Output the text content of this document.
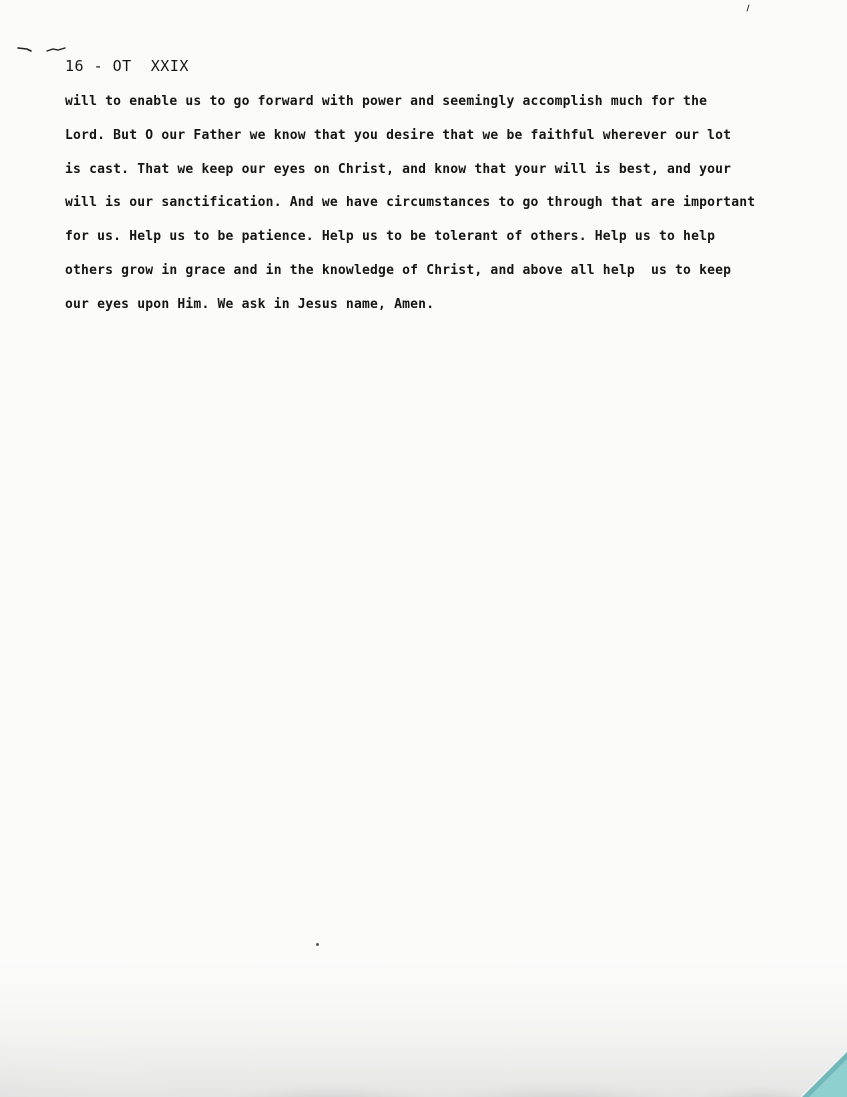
16 - OT  XXIX
will to enable us to go forward with power and seemingly accomplish much for the
Lord. But O our Father we know that you desire that we be faithful wherever our lot
is cast. That we keep our eyes on Christ, and know that your will is best, and your
will is our sanctification. And we have circumstances to go through that are important
for us. Help us to be patience. Help us to be tolerant of others. Help us to help
others grow in grace and in the knowledge of Christ, and above all help  us to keep
our eyes upon Him. We ask in Jesus name, Amen.
